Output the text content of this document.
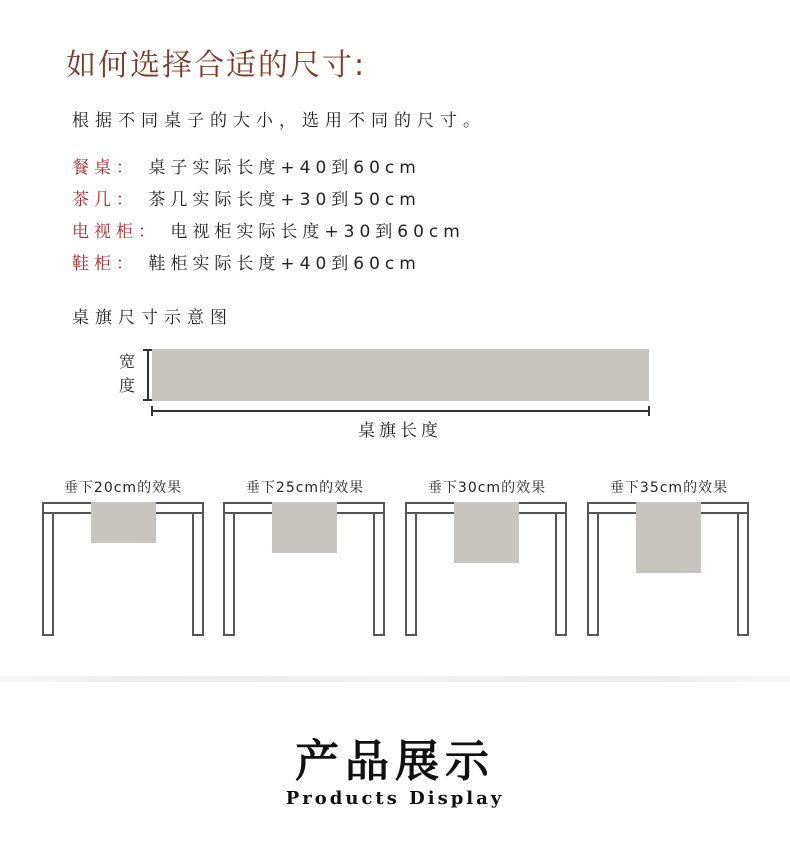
如何选择合适的尺寸:
根据不同桌子的大小，选用不同的尺寸。
餐桌： 桌子实际长度+40到60cm
茶几： 茶几实际长度+30到50cm
电视柜： 电视柜实际长度+30到60cm
鞋柜： 鞋柜实际长度+40到60cm
桌旗尺寸示意图
宽度
桌旗长度
垂下20cm的效果	垂下25cm的效果	垂下30cm的效果	垂下35cm的效果
产品展示
Products Display
